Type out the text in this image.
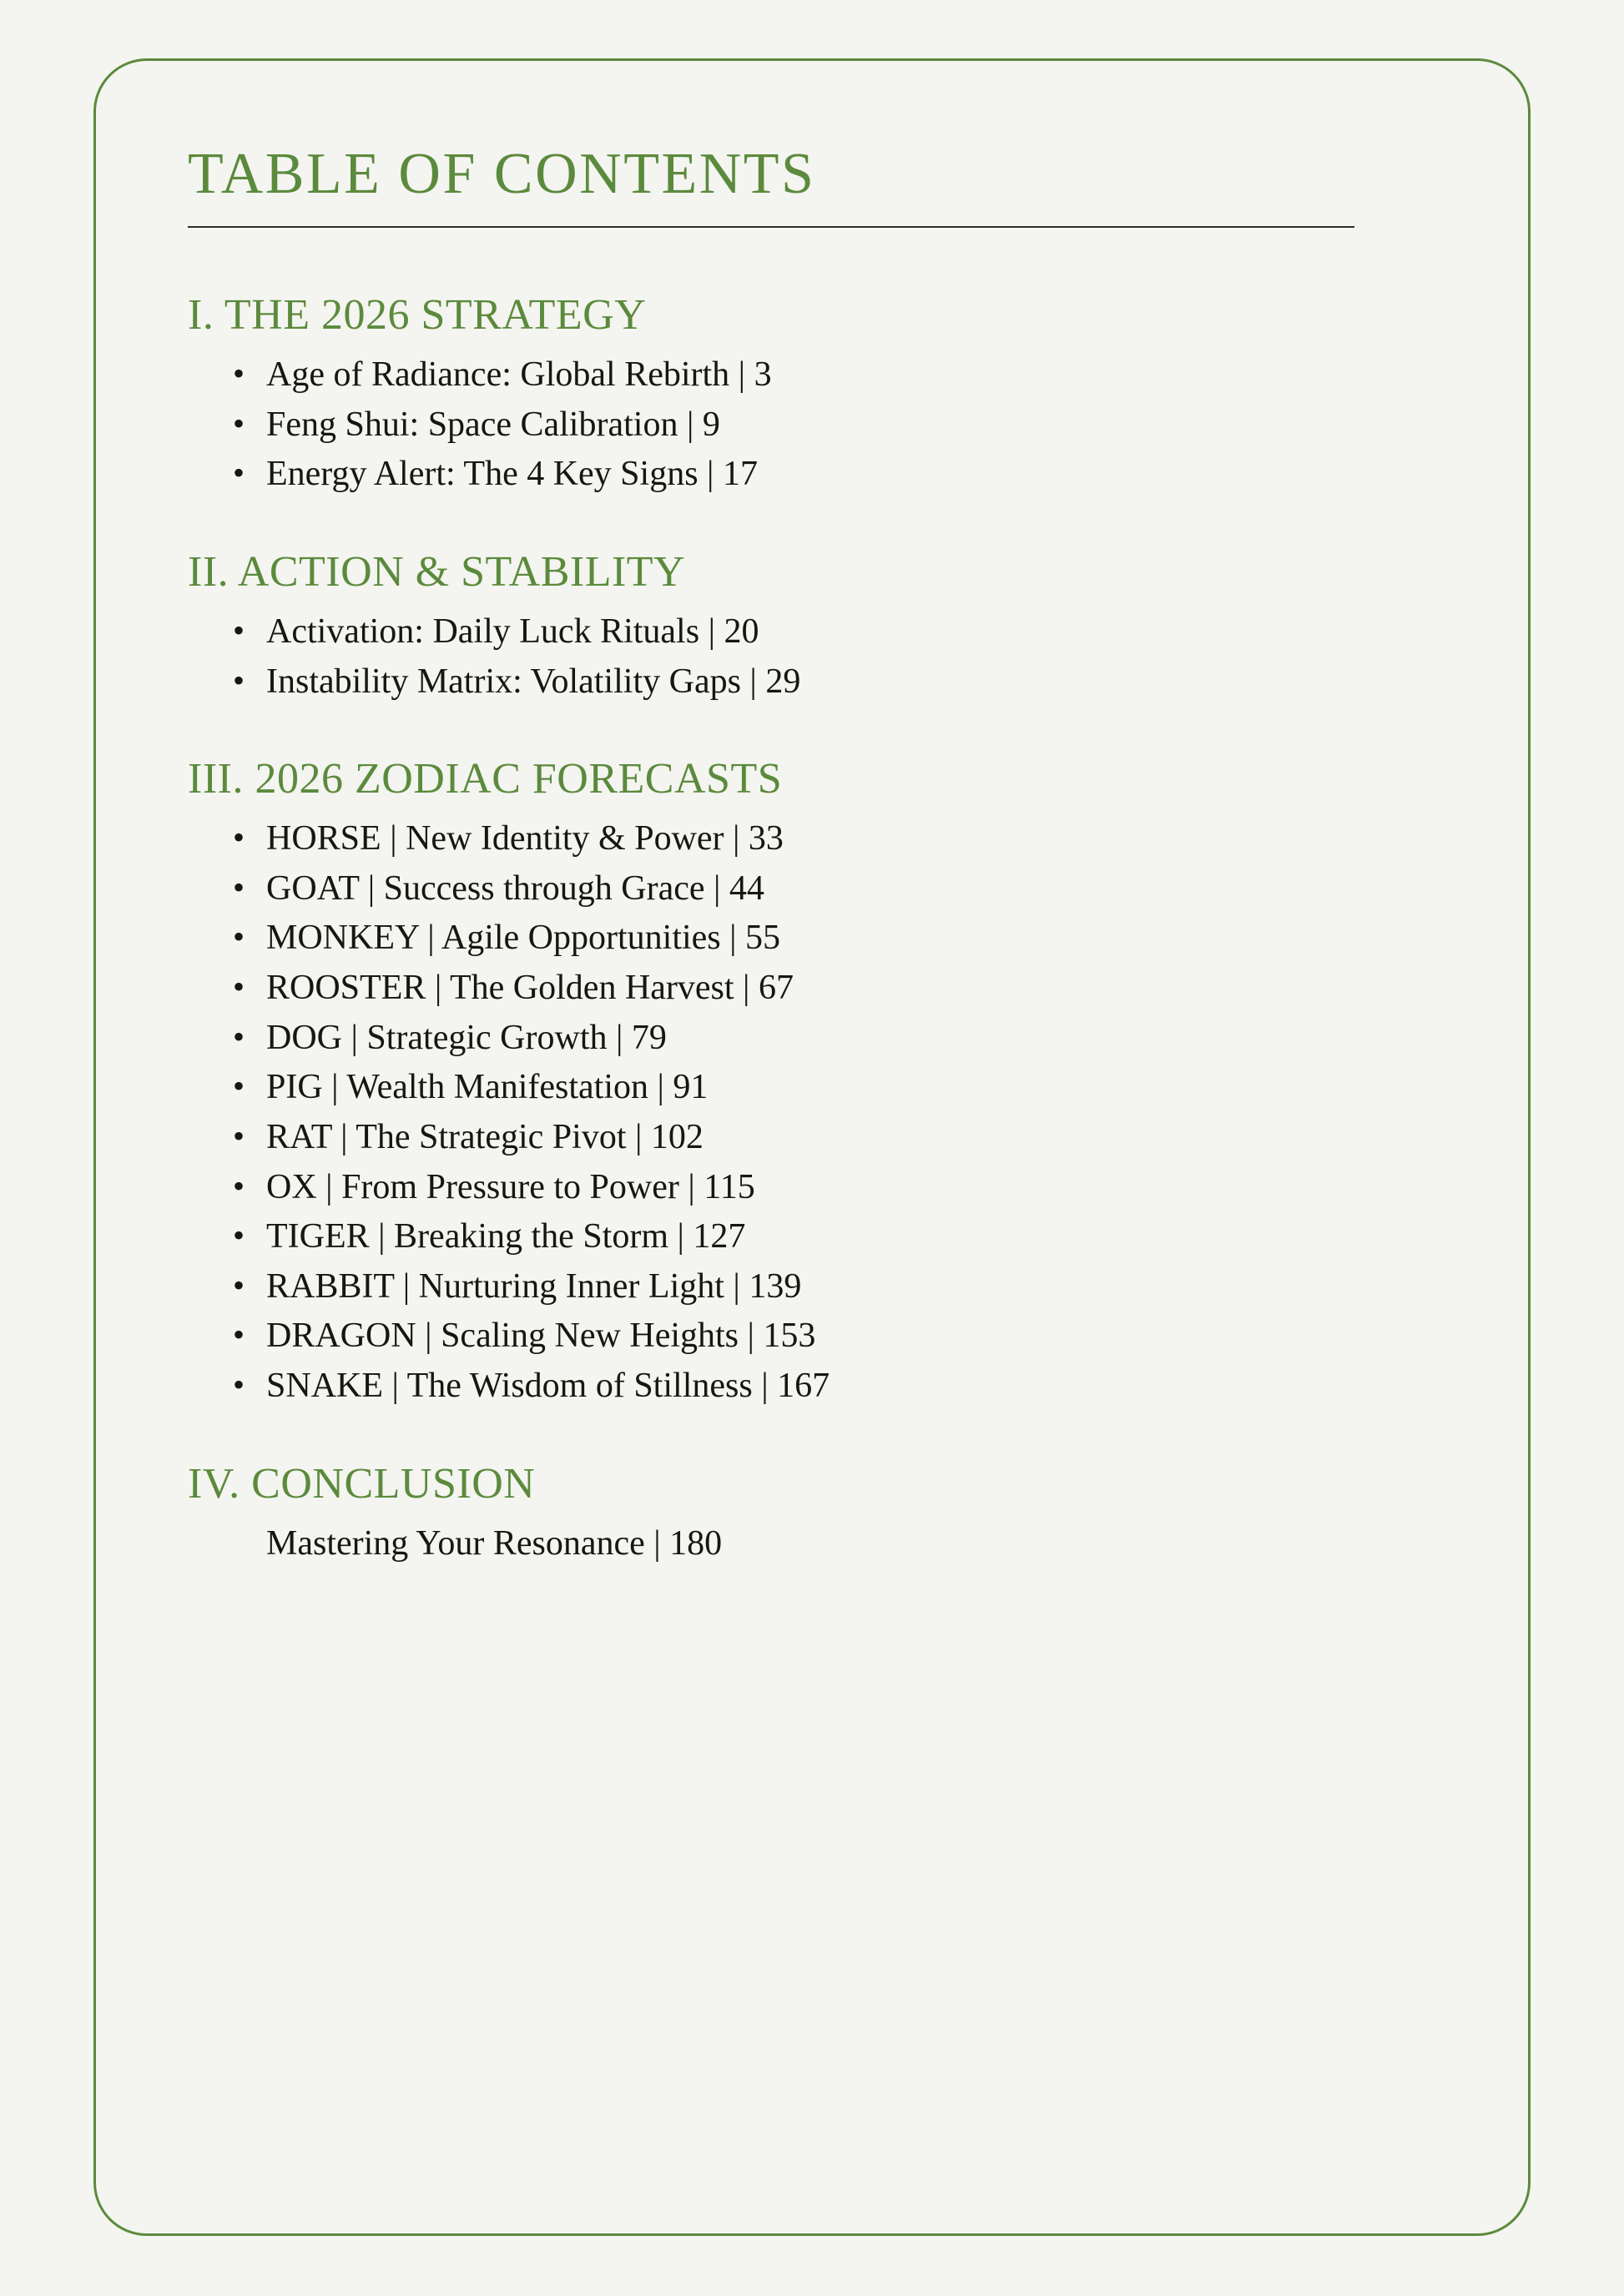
TABLE OF CONTENTS
I. THE 2026 STRATEGY
• Age of Radiance: Global Rebirth | 3
• Feng Shui: Space Calibration | 9
• Energy Alert: The 4 Key Signs | 17
II. ACTION & STABILITY
• Activation: Daily Luck Rituals | 20
• Instability Matrix: Volatility Gaps | 29
III. 2026 ZODIAC FORECASTS
• HORSE | New Identity & Power | 33
• GOAT | Success through Grace | 44
• MONKEY | Agile Opportunities | 55
• ROOSTER | The Golden Harvest | 67
• DOG | Strategic Growth | 79
• PIG | Wealth Manifestation | 91
• RAT | The Strategic Pivot | 102
• OX | From Pressure to Power | 115
• TIGER | Breaking the Storm | 127
• RABBIT | Nurturing Inner Light | 139
• DRAGON | Scaling New Heights | 153
• SNAKE | The Wisdom of Stillness | 167
IV. CONCLUSION
Mastering Your Resonance | 180
